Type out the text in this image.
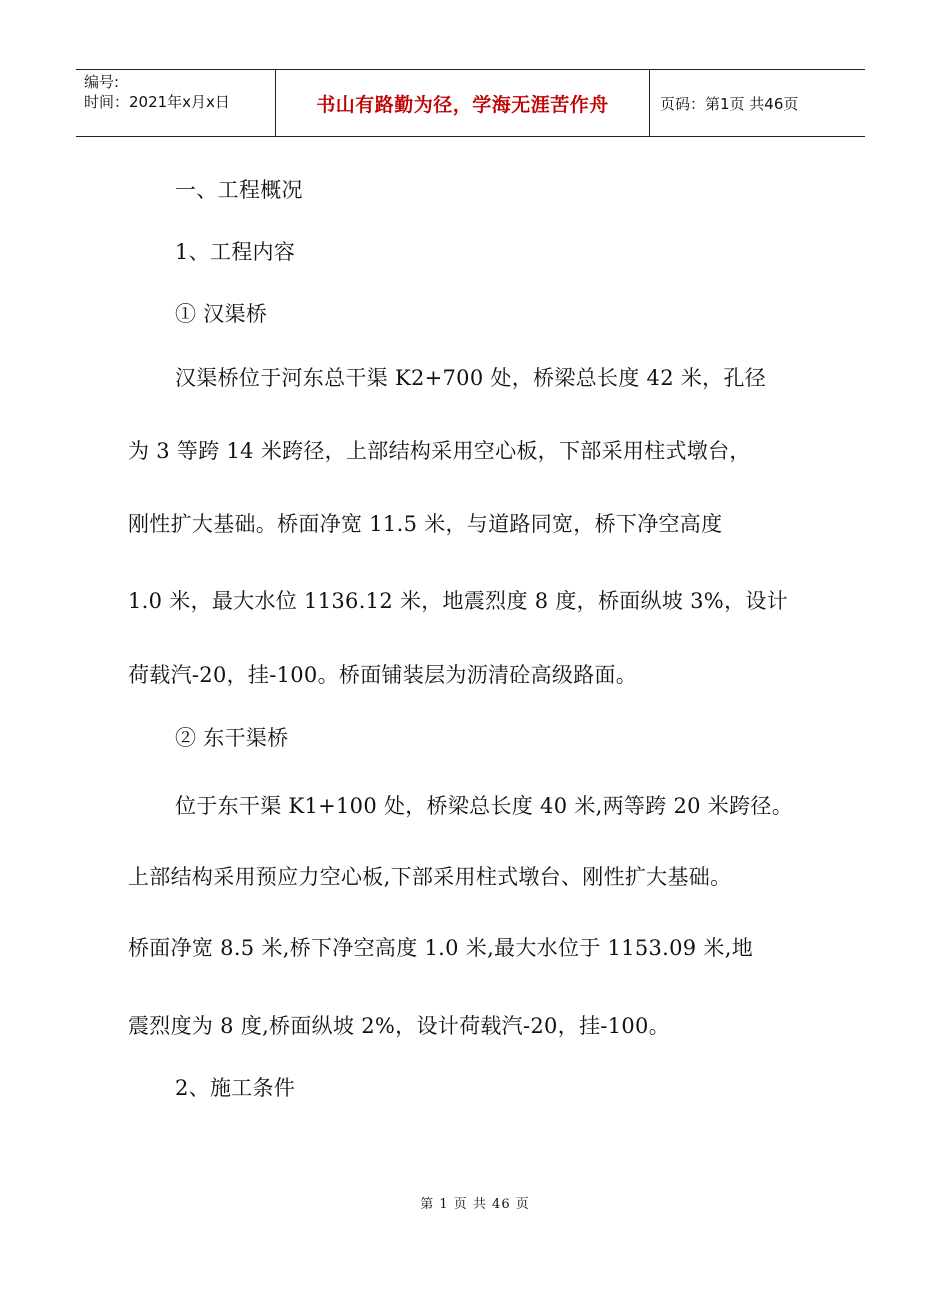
编号:
时间：2021年x月x日	书山有路勤为径，学海无涯苦作舟	页码：第1页 共46页
一、工程概况
1、工程内容
① 汉渠桥
汉渠桥位于河东总干渠 K2+700 处，桥梁总长度 42 米，孔径
为 3 等跨 14 米跨径，上部结构采用空心板，下部采用柱式墩台，
刚性扩大基础。桥面净宽 11.5 米，与道路同宽，桥下净空高度
1.0 米，最大水位 1136.12 米，地震烈度 8 度，桥面纵坡 3%，设计
荷载汽-20，挂-100。桥面铺装层为沥清砼高级路面。
② 东干渠桥
位于东干渠 K1+100 处，桥梁总长度 40 米,两等跨 20 米跨径。
上部结构采用预应力空心板,下部采用柱式墩台、刚性扩大基础。
桥面净宽 8.5 米,桥下净空高度 1.0 米,最大水位于 1153.09 米,地
震烈度为 8 度,桥面纵坡 2%，设计荷载汽-20，挂-100。
2、施工条件
第 1 页 共 46 页
